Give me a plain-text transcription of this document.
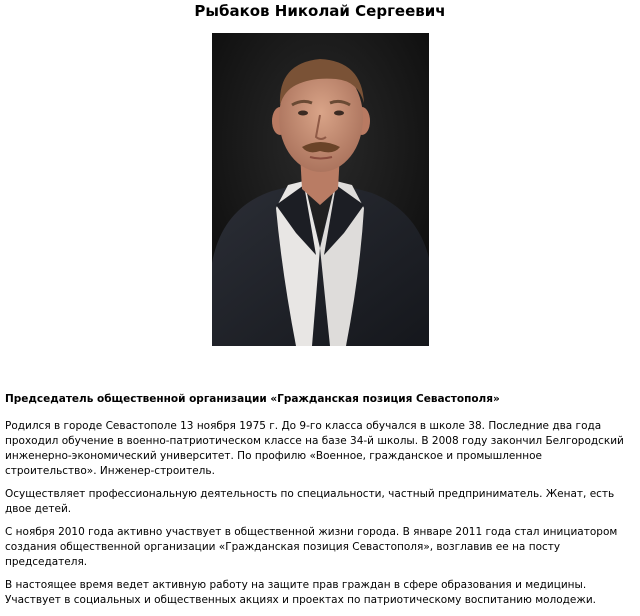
Рыбаков Николай Сергеевич
Председатель общественной организации «Гражданская позиция Севастополя»

Родился в городе Севастополе 13 ноября 1975 г. До 9-го класса обучался в школе 38. Последние два года проходил обучение в военно-патриотическом классе на базе 34-й школы. В 2008 году закончил Белгородский инженерно-экономический университет. По профилю «Военное, гражданское и промышленное строительство». Инженер-строитель.

Осуществляет профессиональную деятельность по специальности, частный предприниматель. Женат, есть двое детей.

С ноября 2010 года активно участвует в общественной жизни города. В январе 2011 года стал инициатором создания общественной организации «Гражданская позиция Севастополя», возглавив ее на посту председателя.

В настоящее время ведет активную работу на защите прав граждан в сфере образования и медицины. Участвует в социальных и общественных акциях и проектах по патриотическому воспитанию молодежи.
